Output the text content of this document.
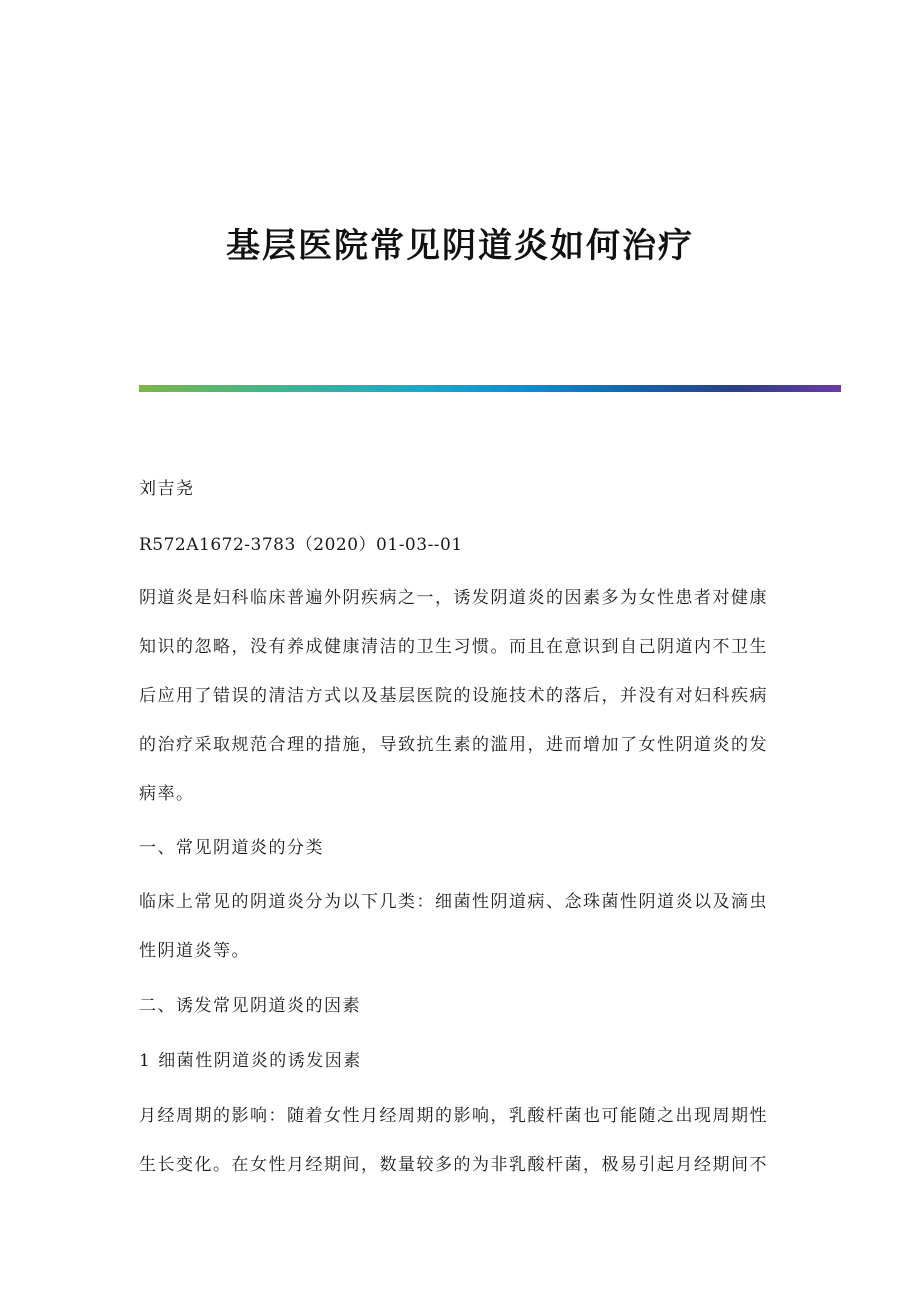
基层医院常见阴道炎如何治疗
刘吉尧
R572A1672-3783（2020）01-03--01
阴道炎是妇科临床普遍外阴疾病之一，诱发阴道炎的因素多为女性患者对健康
知识的忽略，没有养成健康清洁的卫生习惯。而且在意识到自己阴道内不卫生
后应用了错误的清洁方式以及基层医院的设施技术的落后，并没有对妇科疾病
的治疗采取规范合理的措施，导致抗生素的滥用，进而增加了女性阴道炎的发
病率。
一、常见阴道炎的分类
临床上常见的阴道炎分为以下几类：细菌性阴道病、念珠菌性阴道炎以及滴虫
性阴道炎等。
二、诱发常见阴道炎的因素
1 细菌性阴道炎的诱发因素
月经周期的影响：随着女性月经周期的影响，乳酸杆菌也可能随之出现周期性
生长变化。在女性月经期间，数量较多的为非乳酸杆菌，极易引起月经期间不
